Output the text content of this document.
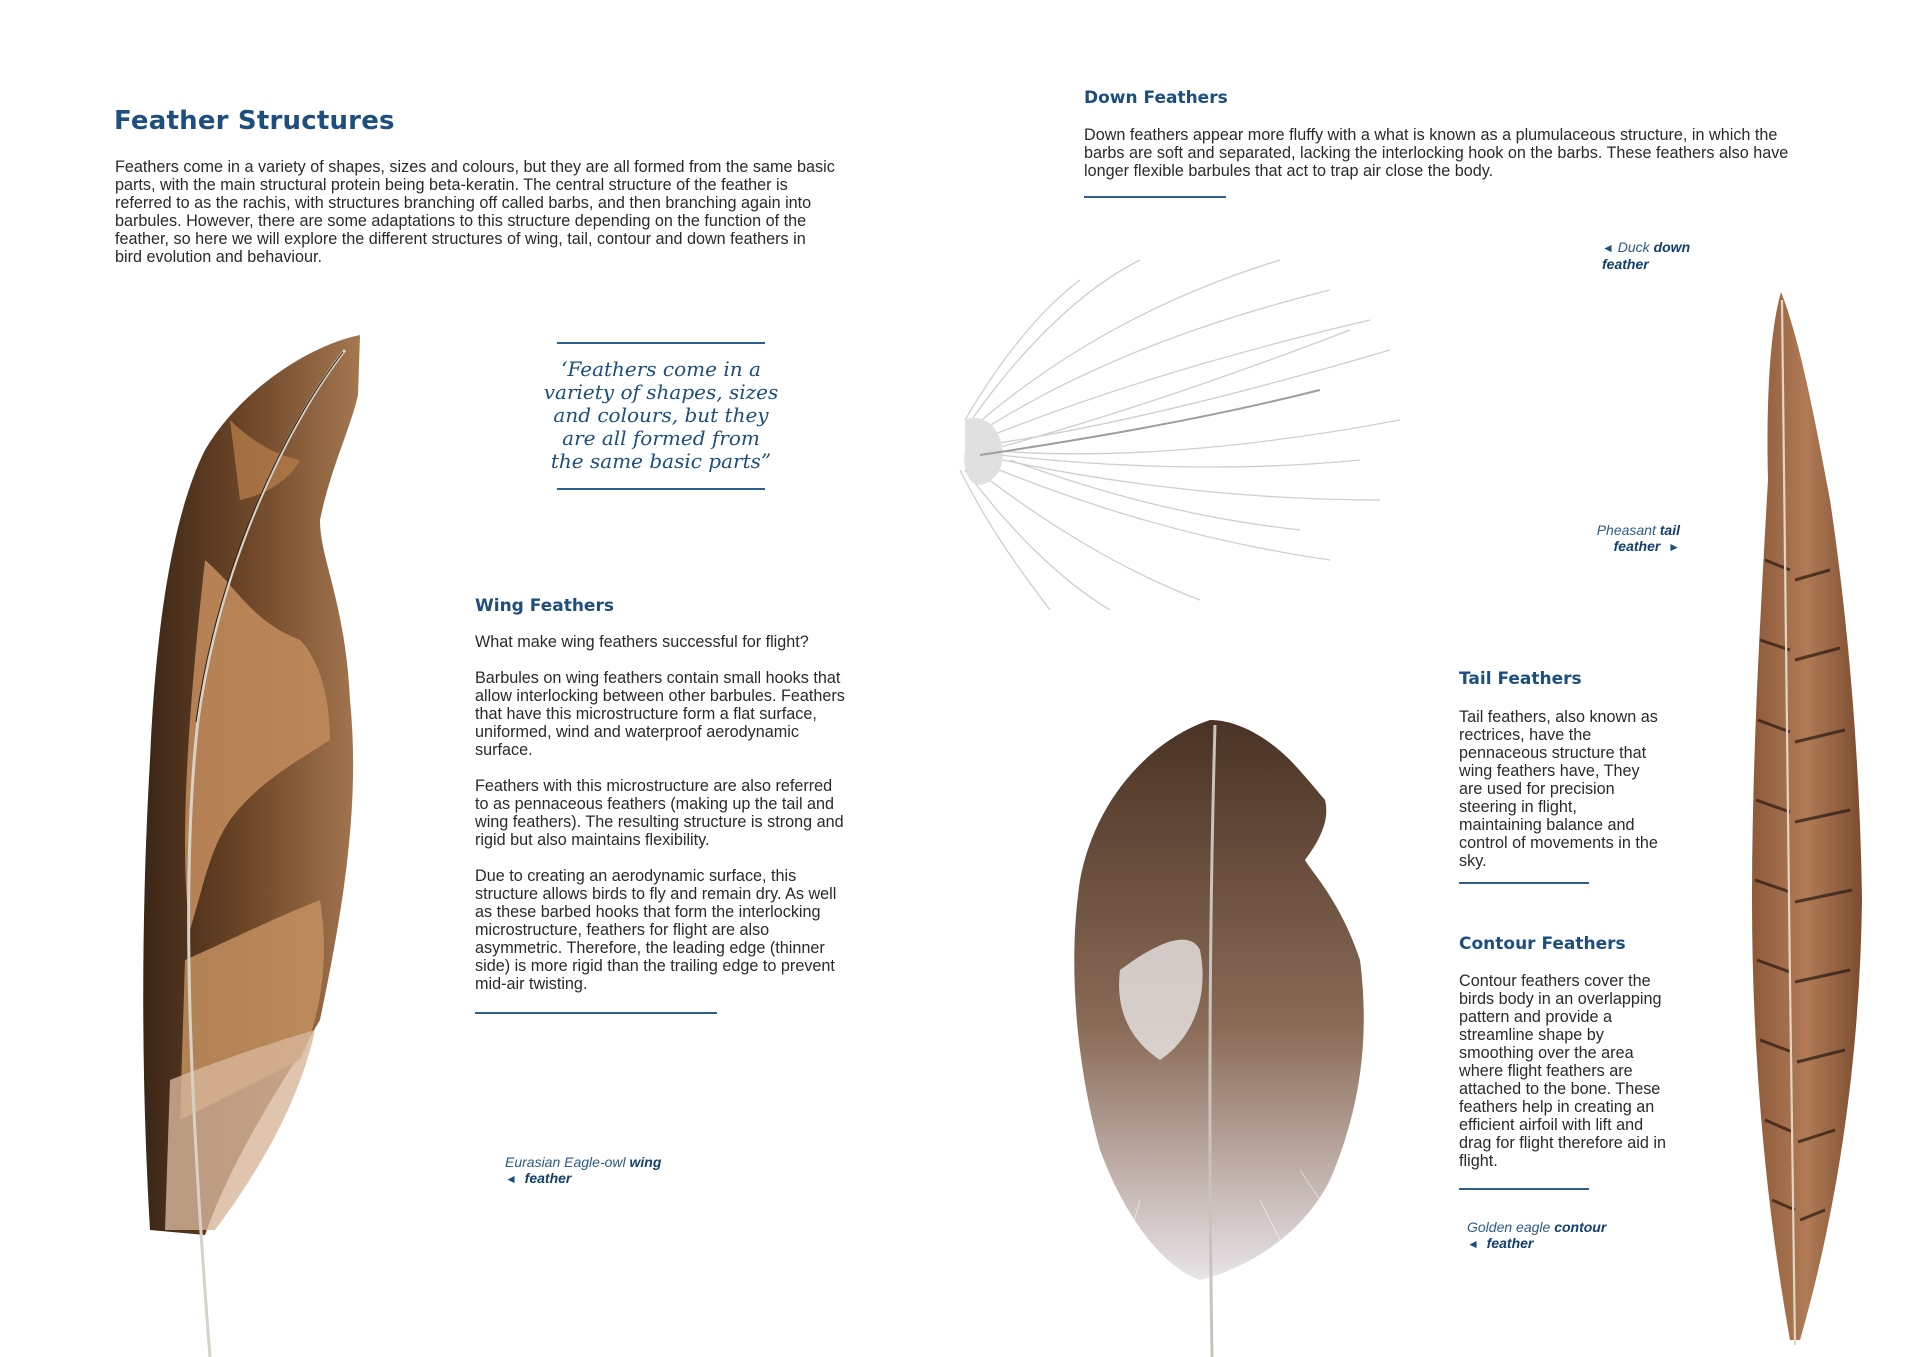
Feather Structures
Feathers come in a variety of shapes, sizes and colours, but they are all formed from the same basic parts, with the main structural protein being beta-keratin. The central structure of the feather is referred to as the rachis, with structures branching off called barbs, and then branching again into barbules. However, there are some adaptations to this structure depending on the function of the feather, so here we will explore the different structures of wing, tail, contour and down feathers in bird evolution and behaviour.
‘Feathers come in a variety of shapes, sizes and colours, but they are all formed from the same basic parts”
Wing Feathers

What make wing feathers successful for flight?

Barbules on wing feathers contain small hooks that allow interlocking between other barbules. Feathers that have this microstructure form a flat surface, uniformed, wind and waterproof aerodynamic surface.

Feathers with this microstructure are also referred to as pennaceous feathers (making up the tail and wing feathers). The resulting structure is strong and rigid but also maintains flexibility.

Due to creating an aerodynamic surface, this structure allows birds to fly and remain dry. As well as these barbed hooks that form the interlocking microstructure, feathers for flight are also asymmetric. Therefore, the leading edge (thinner side) is more rigid than the trailing edge to prevent mid-air twisting.

Eurasian Eagle-owl wing
◄ feather
Down Feathers
Down feathers appear more fluffy with a what is known as a plumulaceous structure, in which the barbs are soft and separated, lacking the interlocking hook on the barbs. These feathers also have longer flexible barbules that act to trap air close the body.
◄ Duck down
feather
Pheasant tail
feather ►
Tail Feathers
Tail feathers, also known as rectrices, have the pennaceous structure that wing feathers have, They are used for precision steering in flight, maintaining balance and control of movements in the sky.
Contour Feathers
Contour feathers cover the birds body in an overlapping pattern and provide a streamline shape by smoothing over the area where flight feathers are attached to the bone. These feathers help in creating an efficient airfoil with lift and drag for flight therefore aid in flight.
Golden eagle contour
◄ feather
